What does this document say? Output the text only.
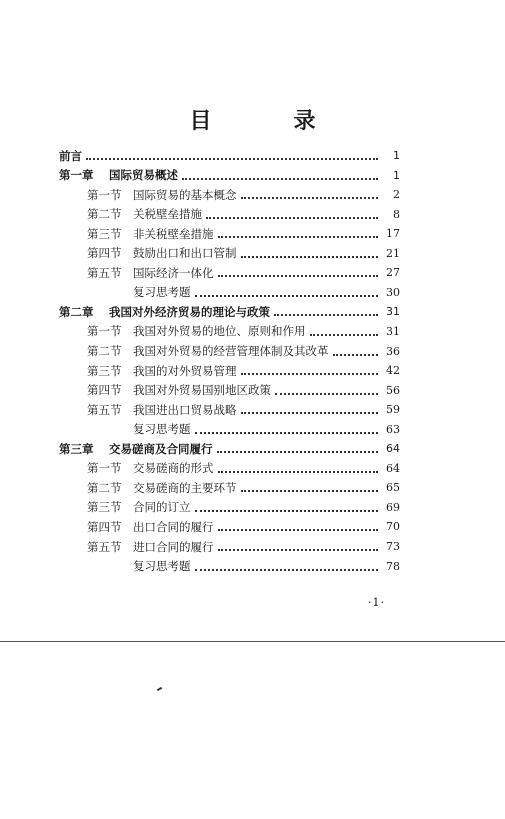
目　录
前言	1
第一章	国际贸易概述	1
第一节 国际贸易的基本概念	2
第二节 关税壁垒措施	8
第三节 非关税壁垒措施	17
第四节 鼓励出口和出口管制	21
第五节 国际经济一体化	27
复习思考题	30
第二章	我国对外经济贸易的理论与政策	31
第一节 我国对外贸易的地位、原则和作用	31
第二节 我国对外贸易的经营管理体制及其改革	36
第三节 我国的对外贸易管理	42
第四节 我国对外贸易国别地区政策	56
第五节 我国进出口贸易战略	59
复习思考题	63
第三章	交易磋商及合同履行	64
第一节 交易磋商的形式	64
第二节 交易磋商的主要环节	65
第三节 合同的订立	69
第四节 出口合同的履行	70
第五节 进口合同的履行	73
复习思考题	78
·1·
